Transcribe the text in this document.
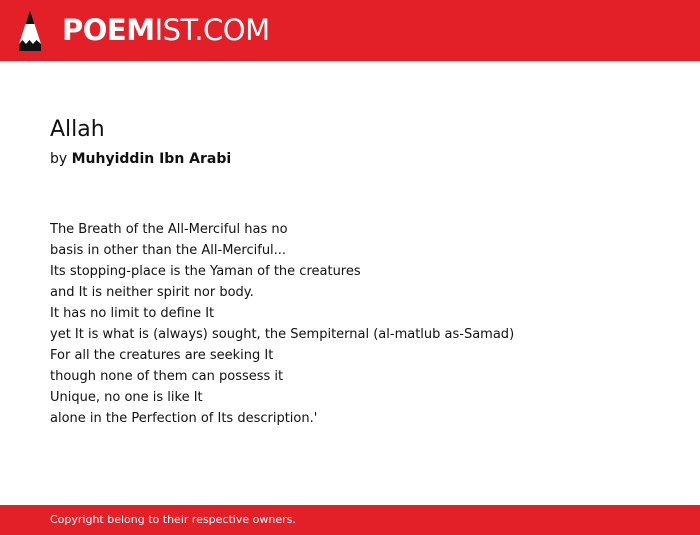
POEMIST.COM
Allah
by Muhyiddin Ibn Arabi
The Breath of the All-Merciful has no
basis in other than the All-Merciful...
Its stopping-place is the Yaman of the creatures
and It is neither spirit nor body.
It has no limit to define It
yet It is what is (always) sought, the Sempiternal (al-matlub as-Samad)
For all the creatures are seeking It
though none of them can possess it
Unique, no one is like It
alone in the Perfection of Its description.'
Copyright belong to their respective owners.
